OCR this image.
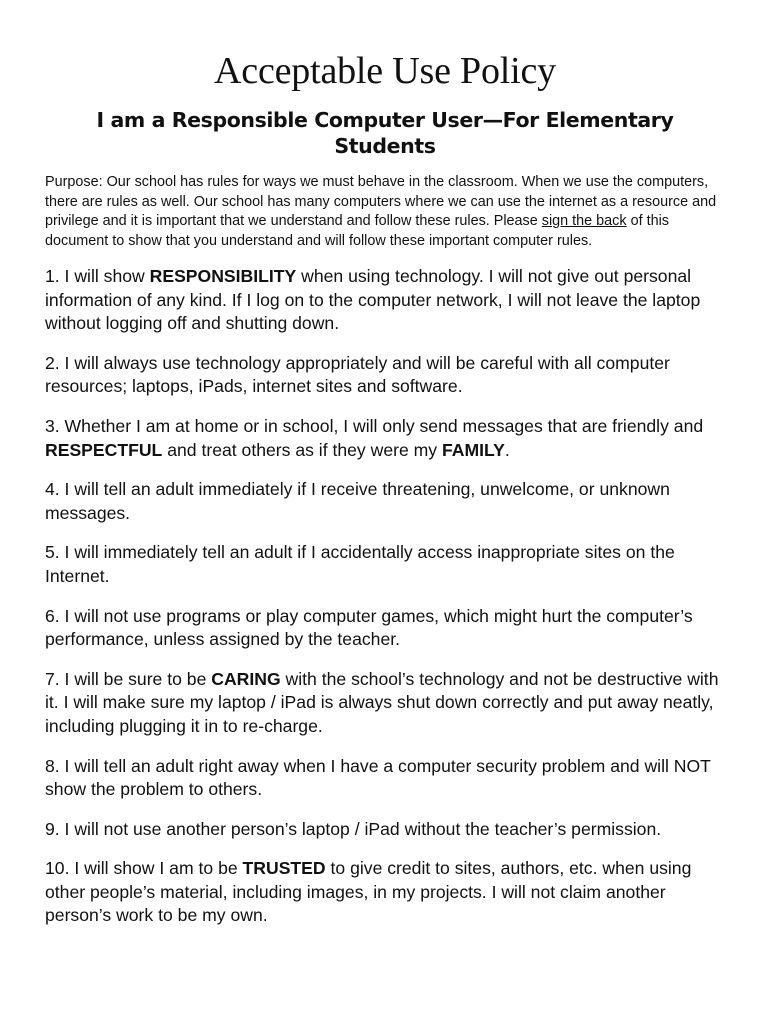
Acceptable Use Policy
I am a Responsible Computer User—For Elementary Students

Purpose: Our school has rules for ways we must behave in the classroom. When we use the computers, there are rules as well. Our school has many computers where we can use the internet as a resource and privilege and it is important that we understand and follow these rules. Please sign the back of this document to show that you understand and will follow these important computer rules.

1. I will show RESPONSIBILITY when using technology. I will not give out personal information of any kind. If I log on to the computer network, I will not leave the laptop without logging off and shutting down.
2. I will always use technology appropriately and will be careful with all computer resources; laptops, iPads, internet sites and software.
3. Whether I am at home or in school, I will only send messages that are friendly and RESPECTFUL and treat others as if they were my FAMILY.
4. I will tell an adult immediately if I receive threatening, unwelcome, or unknown messages.
5. I will immediately tell an adult if I accidentally access inappropriate sites on the Internet.
6. I will not use programs or play computer games, which might hurt the computer’s performance, unless assigned by the teacher.
7. I will be sure to be CARING with the school’s technology and not be destructive with it. I will make sure my laptop / iPad is always shut down correctly and put away neatly, including plugging it in to re-charge.
8. I will tell an adult right away when I have a computer security problem and will NOT show the problem to others.
9. I will not use another person’s laptop / iPad without the teacher’s permission.
10. I will show I am to be TRUSTED to give credit to sites, authors, etc. when using other people’s material, including images, in my projects. I will not claim another person’s work to be my own.
